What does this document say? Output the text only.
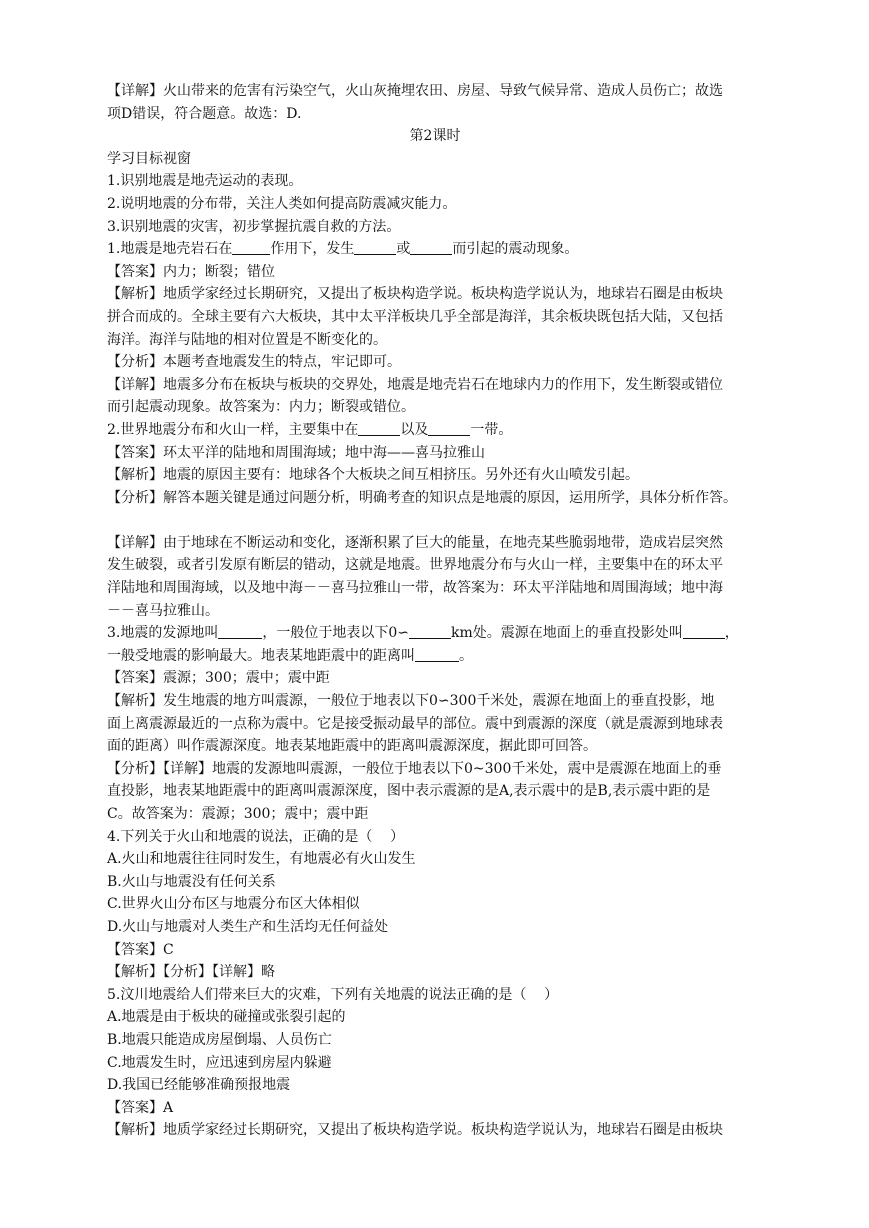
【详解】火山带来的危害有污染空气，火山灰掩埋农田、房屋、导致气候异常、造成人员伤亡；故选

项D错误，符合题意。故选：D.

第2课时

学习目标视窗

1.识别地震是地壳运动的表现。

2.说明地震的分布带，关注人类如何提高防震减灾能力。

3.识别地震的灾害，初步掌握抗震自救的方法。

1.地震是地壳岩石在	作用下，发生	或	而引起的震动现象。

【答案】内力；断裂；错位

【解析】地质学家经过长期研究，又提出了板块构造学说。板块构造学说认为，地球岩石圈是由板块

拼合而成的。全球主要有六大板块，其中太平洋板块几乎全部是海洋，其余板块既包括大陆，又包括

海洋。海洋与陆地的相对位置是不断变化的。

【分析】本题考查地震发生的特点，牢记即可。

【详解】地震多分布在板块与板块的交界处，地震是地壳岩石在地球内力的作用下，发生断裂或错位

而引起震动现象。故答案为：内力；断裂或错位。

2.世界地震分布和火山一样，主要集中在	以及	一带。

【答案】环太平洋的陆地和周围海域；地中海——喜马拉雅山

【解析】地震的原因主要有：地球各个大板块之间互相挤压。另外还有火山喷发引起。

【分析】解答本题关键是通过问题分析，明确考查的知识点是地震的原因，运用所学，具体分析作答。

【详解】由于地球在不断运动和变化，逐渐积累了巨大的能量，在地壳某些脆弱地带，造成岩层突然

发生破裂，或者引发原有断层的错动，这就是地震。世界地震分布与火山一样，主要集中在的环太平

洋陆地和周围海域，以及地中海－－喜马拉雅山一带，故答案为：环太平洋陆地和周围海域；地中海

－－喜马拉雅山。

3.地震的发源地叫	，一般位于地表以下0∽	km处。震源在地面上的垂直投影处叫	，

一般受地震的影响最大。地表某地距震中的距离叫	。

【答案】震源；300；震中；震中距

【解析】发生地震的地方叫震源，一般位于地表以下0∽300千米处，震源在地面上的垂直投影，地

面上离震源最近的一点称为震中。它是接受振动最早的部位。震中到震源的深度（就是震源到地球表

面的距离）叫作震源深度。地表某地距震中的距离叫震源深度，据此即可回答。

【分析】【详解】地震的发源地叫震源，一般位于地表以下0~300千米处，震中是震源在地面上的垂

直投影，地表某地距震中的距离叫震源深度，图中表示震源的是A,表示震中的是B,表示震中距的是

C。故答案为：震源；300；震中；震中距

4.下列关于火山和地震的说法，正确的是（    ）

A.火山和地震往往同时发生，有地震必有火山发生

B.火山与地震没有任何关系

C.世界火山分布区与地震分布区大体相似

D.火山与地震对人类生产和生活均无任何益处

【答案】C

【解析】【分析】【详解】略

5.汶川地震给人们带来巨大的灾难，下列有关地震的说法正确的是（    ）

A.地震是由于板块的碰撞或张裂引起的

B.地震只能造成房屋倒塌、人员伤亡

C.地震发生时，应迅速到房屋内躲避

D.我国已经能够准确预报地震

【答案】A

【解析】地质学家经过长期研究，又提出了板块构造学说。板块构造学说认为，地球岩石圈是由板块
